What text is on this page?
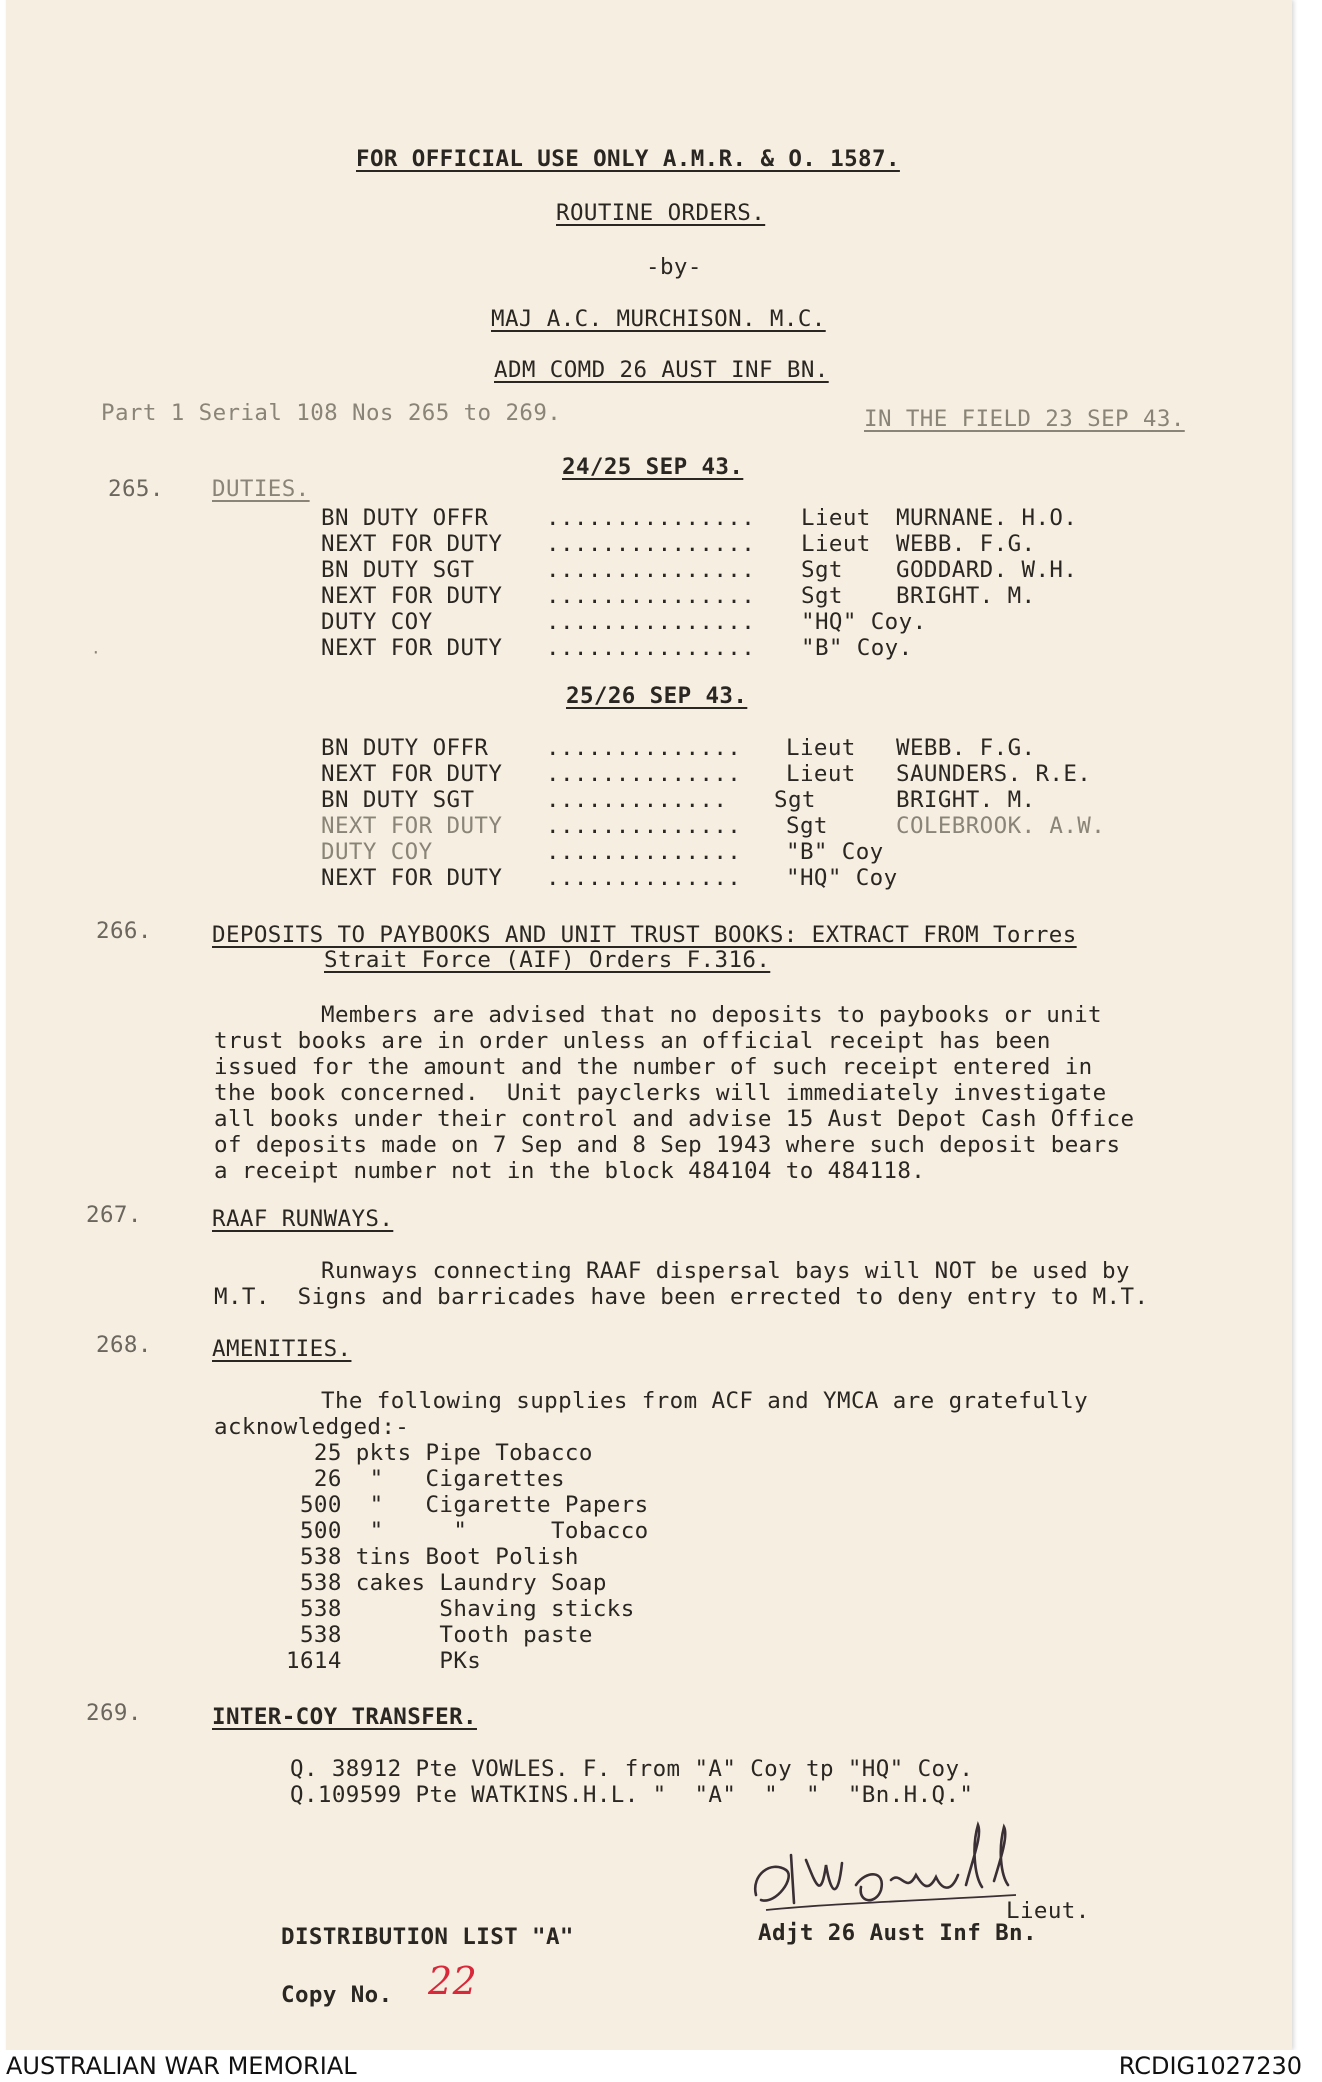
FOR OFFICIAL USE ONLY A.M.R. & O. 1587.
ROUTINE ORDERS.
-by-
MAJ A.C. MURCHISON. M.C.
ADM COMD 26 AUST INF BN.
Part 1 Serial 108 Nos 265 to 269.	IN THE FIELD 23 SEP 43.
265. DUTIES.
24/25 SEP 43.
BN DUTY OFFR	............... Lieut MURNANE. H.O.
NEXT FOR DUTY ............... Lieut WEBB. F.G.
BN DUTY SGT	............... Sgt GODDARD. W.H.
NEXT FOR DUTY ............... Sgt BRIGHT. M.
DUTY COY	............... "HQ" Coy.
NEXT FOR DUTY ............... "B" Coy.
25/26 SEP 43.
BN DUTY OFFR	.............. Lieut WEBB. F.G.
NEXT FOR DUTY .............. Lieut SAUNDERS. R.E.
BN DUTY SGT	............. Sgt	BRIGHT. M.
NEXT FOR DUTY .............. Sgt	COLEBROOK. A.W.
DUTY COY	.............. "B" Coy
NEXT FOR DUTY .............. "HQ" Coy
266.	DEPOSITS TO PAYBOOKS AND UNIT TRUST BOOKS: EXTRACT FROM Torres
Strait Force (AIF) Orders F.316.
Members are advised that no deposits to paybooks or unit
trust books are in order unless an official receipt has been
issued for the amount and the number of such receipt entered in
the book concerned.  Unit payclerks will immediately investigate
all books under their control and advise 15 Aust Depot Cash Office
of deposits made on 7 Sep and 8 Sep 1943 where such deposit bears
a receipt number not in the block 484104 to 484118.
267.	RAAF RUNWAYS.
Runways connecting RAAF dispersal bays will NOT be used by
M.T.  Signs and barricades have been errected to deny entry to M.T.
268.	AMENITIES.
The following supplies from ACF and YMCA are gratefully
acknowledged:-
25 pkts Pipe Tobacco
26  "   Cigarettes
500  "   Cigarette Papers
500  "     "      Tobacco
538 tins Boot Polish
538 cakes Laundry Soap
538       Shaving sticks
538       Tooth paste
1614       PKs
269.	INTER-COY TRANSFER.
Q. 38912 Pte VOWLES. F. from "A" Coy tp "HQ" Coy.
Q.109599 Pte WATKINS.H.L. "  "A"  "  "  "Bn.H.Q."
Lieut.
Adjt 26 Aust Inf Bn.
DISTRIBUTION LIST "A"
Copy No. 22
·
AUSTRALIAN WAR MEMORIAL	RCDIG1027230
